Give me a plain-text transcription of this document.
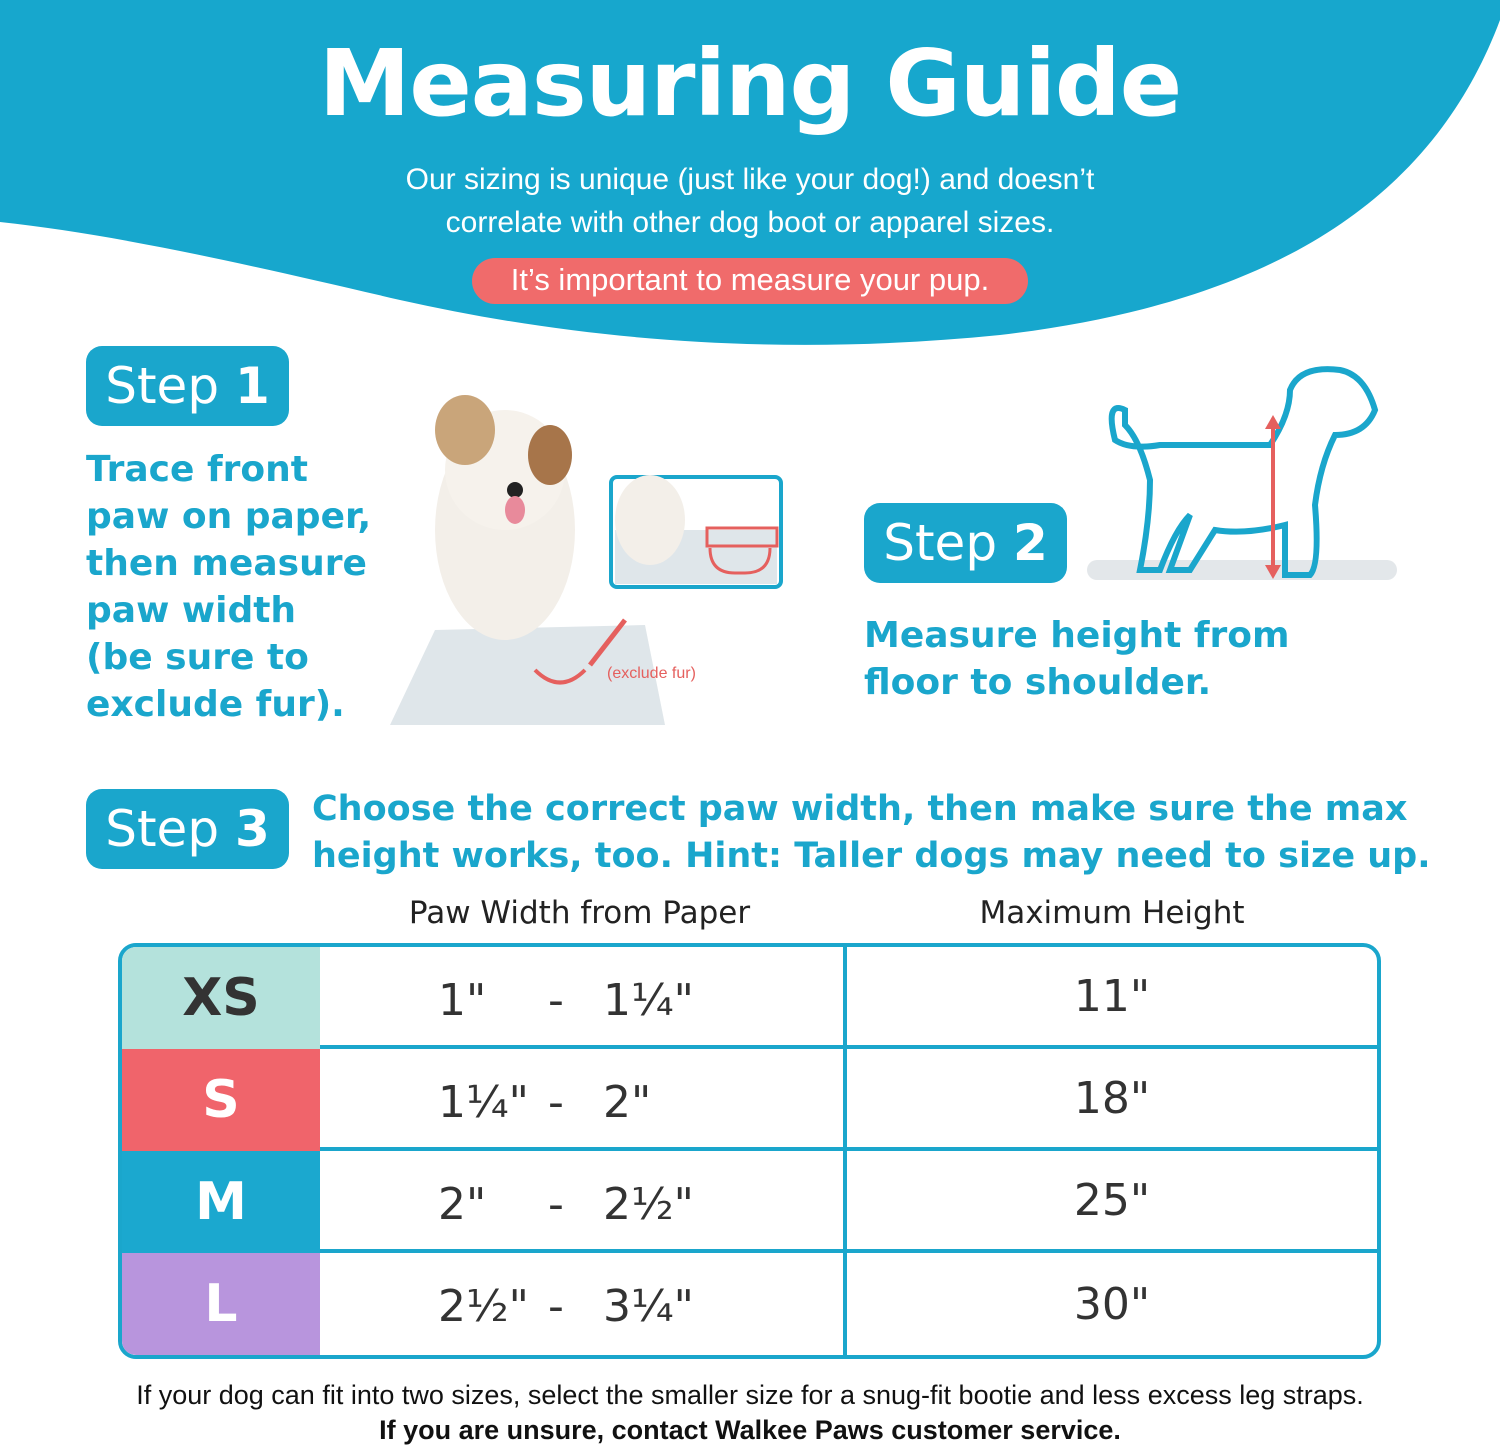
Measuring Guide
Our sizing is unique (just like your dog!) and doesn’t
correlate with other dog boot or apparel sizes.
It’s important to measure your pup.
Step 1
Trace front
paw on paper,
then measure
paw width
(be sure to
exclude fur).
(exclude fur)
Step 2
Measure height from
floor to shoulder.
Step 3	Choose the correct paw width, then make sure the max
height works, too. Hint: Taller dogs may need to size up.
Paw Width from Paper	Maximum Height
XS	1" - 1¼"	11"
S	1¼" - 2"	18"
M	2" - 2½"	25"
L	2½" - 3¼"	30"
If your dog can fit into two sizes, select the smaller size for a snug-fit bootie and less excess leg straps.
If you are unsure, contact Walkee Paws customer service.
